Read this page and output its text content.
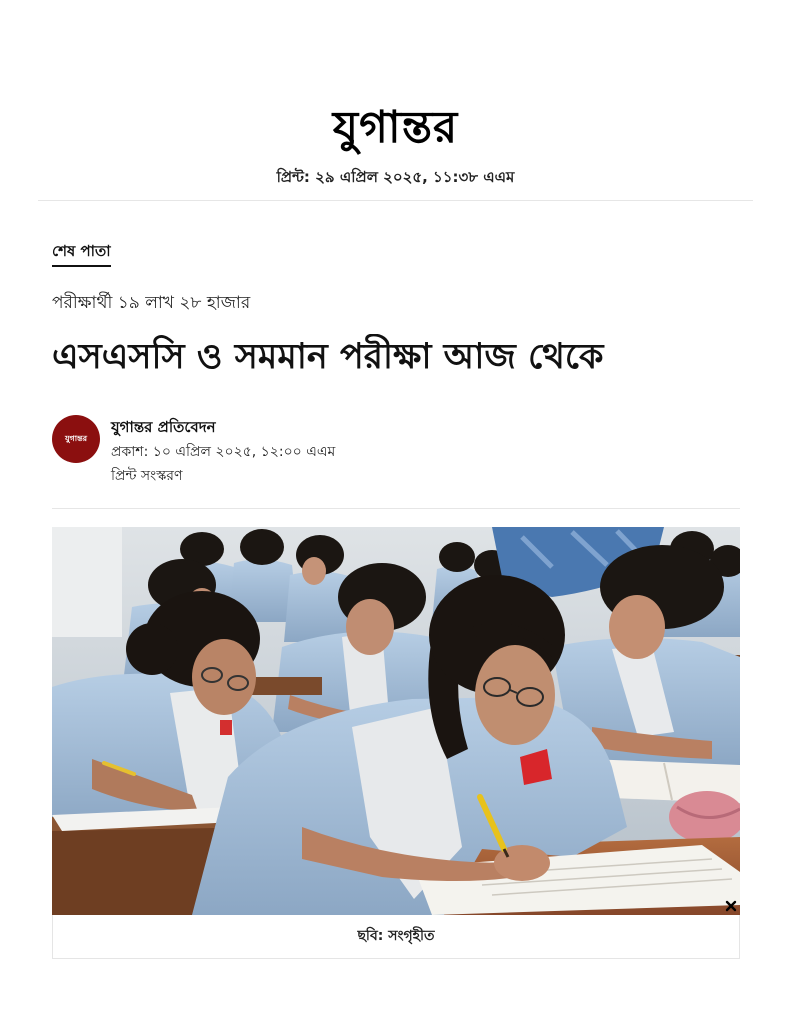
যুগান্তর
প্রিন্ট: ২৯ এপ্রিল ২০২৫, ১১:৩৮ এএম
শেষ পাতা
পরীক্ষার্থী ১৯ লাখ ২৮ হাজার
এসএসসি ও সমমান পরীক্ষা আজ থেকে
যুগান্তর
যুগান্তর প্রতিবেদন
প্রকাশ: ১০ এপ্রিল ২০২৫, ১২:০০ এএম
প্রিন্ট সংস্করণ
ছবি: সংগৃহীত
